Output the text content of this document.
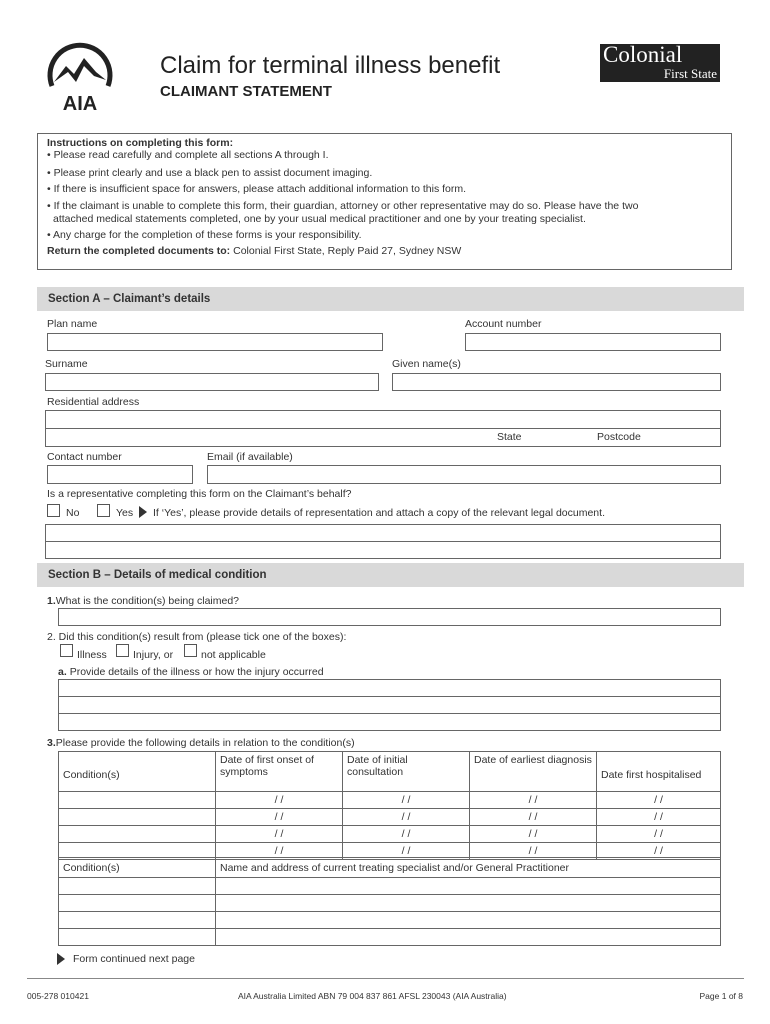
AIA
Claim for terminal illness benefit
CLAIMANT STATEMENT
Colonial
First State
Instructions on completing this form:
• Please read carefully and complete all sections A through I.
• Please print clearly and use a black pen to assist document imaging.
• If there is insufficient space for answers, please attach additional information to this form.
• If the claimant is unable to complete this form, their guardian, attorney or other representative may do so. Please have the two
attached medical statements completed, one by your usual medical practitioner and one by your treating specialist.
• Any charge for the completion of these forms is your responsibility.
Return the completed documents to: Colonial First State, Reply Paid 27, Sydney NSW
Section A – Claimant’s details
Plan name	Account number
Surname	Given name(s)
Residential address
State	Postcode
Contact number	Email (if available)
Is a representative completing this form on the Claimant’s behalf?
No	Yes If ‘Yes’, please provide details of representation and attach a copy of the relevant legal document.
Section B – Details of medical condition
1.What is the condition(s) being claimed?
2. Did this condition(s) result from (please tick one of the boxes):
Illness Injury, or	not applicable
a. Provide details of the illness or how the injury occurred
3.Please provide the following details in relation to the condition(s)
Condition(s)	Date of first onset of symptoms	Date of initial consultation	Date of earliest diagnosis	Date first hospitalised
	/ /	/ /	/ /	/ /
	/ /	/ /	/ /	/ /
	/ /	/ /	/ /	/ /
	/ /	/ /	/ /	/ /
Condition(s)	Name and address of current treating specialist and/or General Practitioner

Form continued next page
005-278 010421	AIA Australia Limited ABN 79 004 837 861 AFSL 230043 (AIA Australia)	Page 1 of 8
